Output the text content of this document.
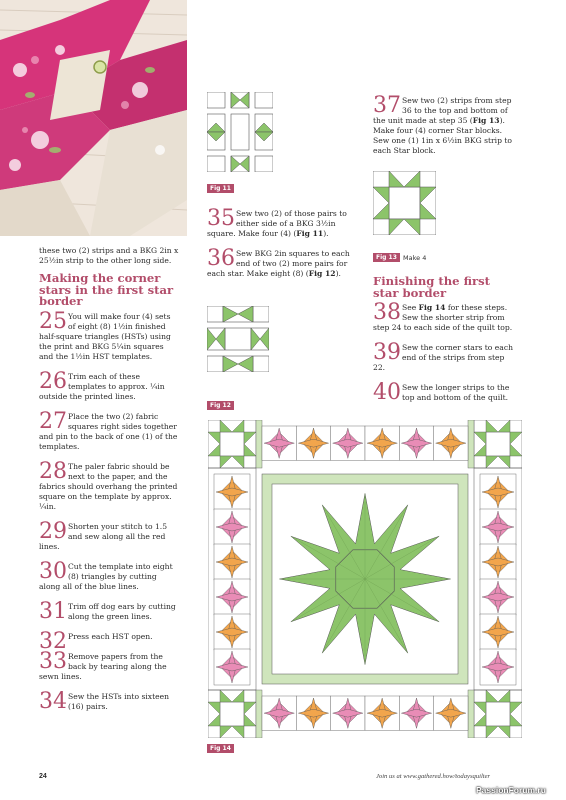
these two (2) strips and a BKG 2in x 25½in strip to the other long side.

Making the corner stars in the first star border
25 You will make four (4) sets of eight (8) 1½in finished half-square triangles (HSTs) using the print and BKG 5¼in squares and the 1½in HST templates.
26 Trim each of these templates to approx. ¼in outside the printed lines.
27 Place the two (2) fabric squares right sides together and pin to the back of one (1) of the templates.
28 The paler fabric should be next to the paper, and the fabrics should overhang the printed square on the template by approx. ¼in.
29 Shorten your stitch to 1.5 and sew along all the red lines.
30 Cut the template into eight (8) triangles by cutting along all of the blue lines.
31 Trim off dog ears by cutting along the green lines.
32 Press each HST open.
33 Remove papers from the back by tearing along the sewn lines.
34 Sew the HSTs into sixteen (16) pairs.
35 Sew two (2) of those pairs to either side of a BKG 3½in square. Make four (4) (Fig 11).
36 Sew BKG 2in squares to each end of two (2) more pairs for each star. Make eight (8) (Fig 12).
37 Sew two (2) strips from step 36 to the top and bottom of the unit made at step 35 (Fig 13). Make four (4) corner Star blocks. Sew one (1) 1in x 6½in BKG strip to each Star block.
Finishing the first star border
38 See Fig 14 for these steps. Sew the shorter strip from step 24 to each side of the quilt top.
39 Sew the corner stars to each end of the strips from step 22.
40 Sew the longer strips to the top and bottom of the quilt.
Fig 11
Fig 12
Fig 13 Make 4
Fig 14
24	Join us at www.gathered.how/todaysquilter
PassionForum.ru
